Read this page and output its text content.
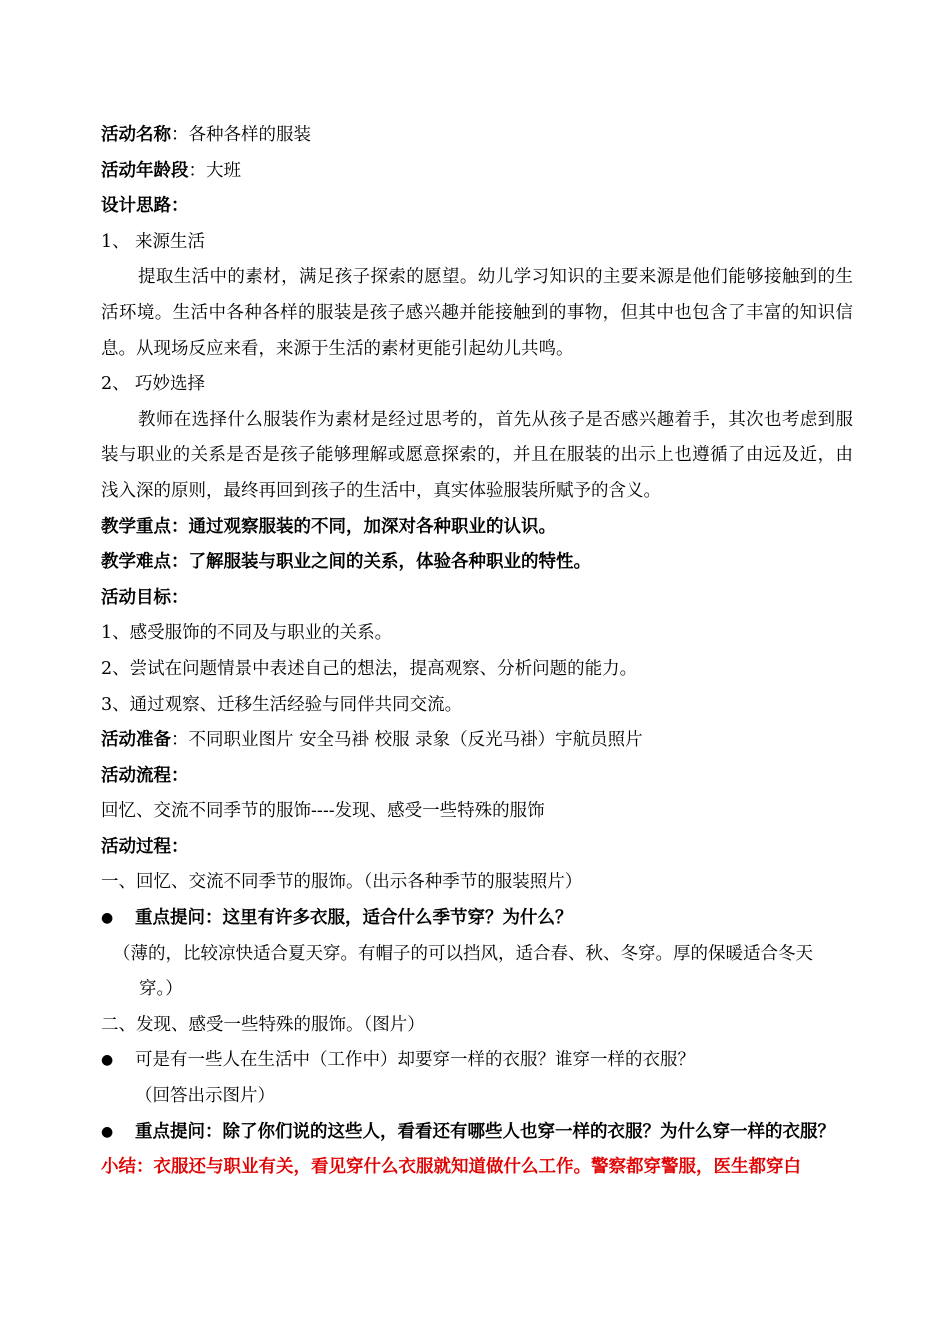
活动名称：各种各样的服装
活动年龄段：大班
设计思路：
1、 来源生活
提取生活中的素材，满足孩子探索的愿望。幼儿学习知识的主要来源是他们能够接触到的生活环境。生活中各种各样的服装是孩子感兴趣并能接触到的事物，但其中也包含了丰富的知识信息。从现场反应来看，来源于生活的素材更能引起幼儿共鸣。
2、 巧妙选择
教师在选择什么服装作为素材是经过思考的，首先从孩子是否感兴趣着手，其次也考虑到服装与职业的关系是否是孩子能够理解或愿意探索的，并且在服装的出示上也遵循了由远及近，由浅入深的原则，最终再回到孩子的生活中，真实体验服装所赋予的含义。
教学重点：通过观察服装的不同，加深对各种职业的认识。
教学难点：了解服装与职业之间的关系，体验各种职业的特性。
活动目标：
1、感受服饰的不同及与职业的关系。
2、尝试在问题情景中表述自己的想法，提高观察、分析问题的能力。
3、通过观察、迁移生活经验与同伴共同交流。
活动准备：不同职业图片 安全马褂 校服 录象（反光马褂）宇航员照片
活动流程：
回忆、交流不同季节的服饰----发现、感受一些特殊的服饰
活动过程：
一、回忆、交流不同季节的服饰。（出示各种季节的服装照片）
● 重点提问：这里有许多衣服，适合什么季节穿？为什么？
（薄的，比较凉快适合夏天穿。有帽子的可以挡风，适合春、秋、冬穿。厚的保暖适合冬天
穿。）
二、发现、感受一些特殊的服饰。（图片）
● 可是有一些人在生活中（工作中）却要穿一样的衣服？谁穿一样的衣服？
（回答出示图片）
● 重点提问：除了你们说的这些人，看看还有哪些人也穿一样的衣服？为什么穿一样的衣服？
小结：衣服还与职业有关，看见穿什么衣服就知道做什么工作。警察都穿警服，医生都穿白
